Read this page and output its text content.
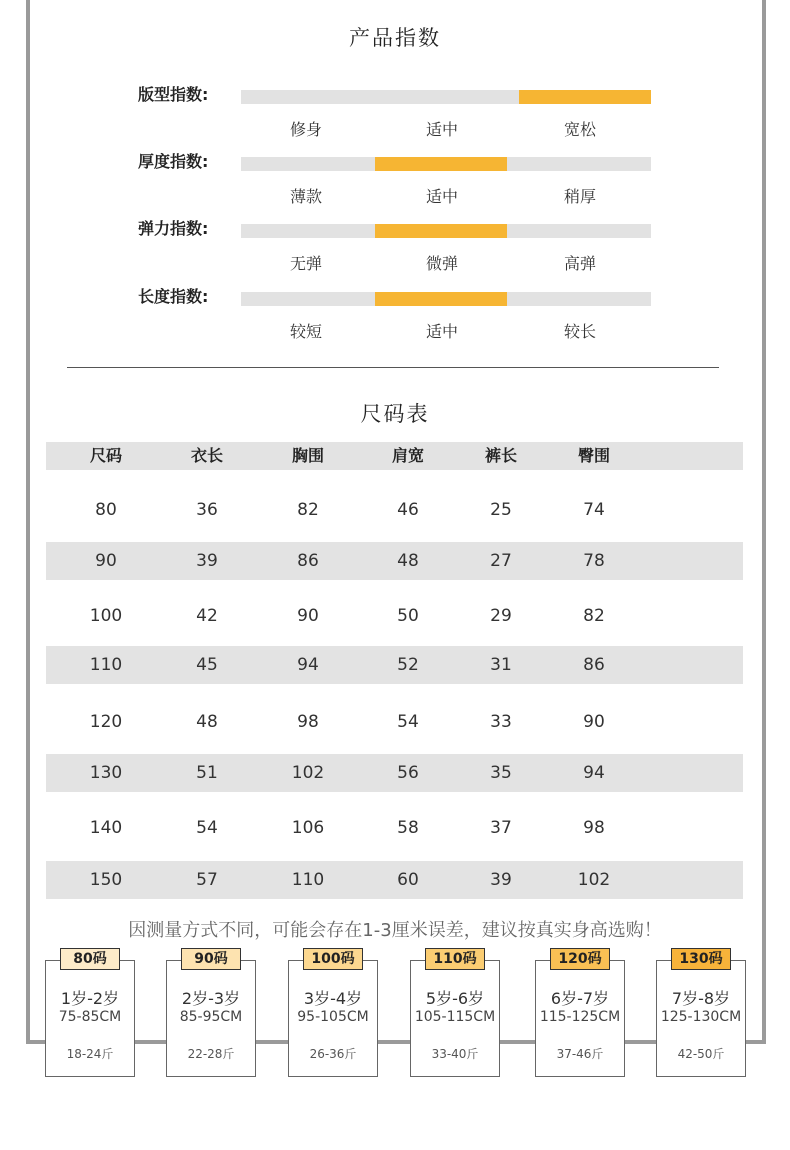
产品指数
版型指数:
修身	适中	宽松
厚度指数:
薄款	适中	稍厚
弹力指数:
无弹	微弹	高弹
长度指数:
较短	适中	较长
尺码表
尺码	衣长	胸围	肩宽	裤长	臀围
80	36	82	46	25	74
90	39	86	48	27	78
100	42	90	50	29	82
110	45	94	52	31	86
120	48	98	54	33	90
130	51	102	56	35	94
140	54	106	58	37	98
150	57	110	60	39	102
因测量方式不同，可能会存在1-3厘米误差，建议按真实身高选购！
80码
1岁-2岁
75-85CM
18-24斤
90码
2岁-3岁
85-95CM
22-28斤
100码
3岁-4岁
95-105CM
26-36斤
110码
5岁-6岁
105-115CM
33-40斤
120码
6岁-7岁
115-125CM
37-46斤
130码
7岁-8岁
125-130CM
42-50斤
